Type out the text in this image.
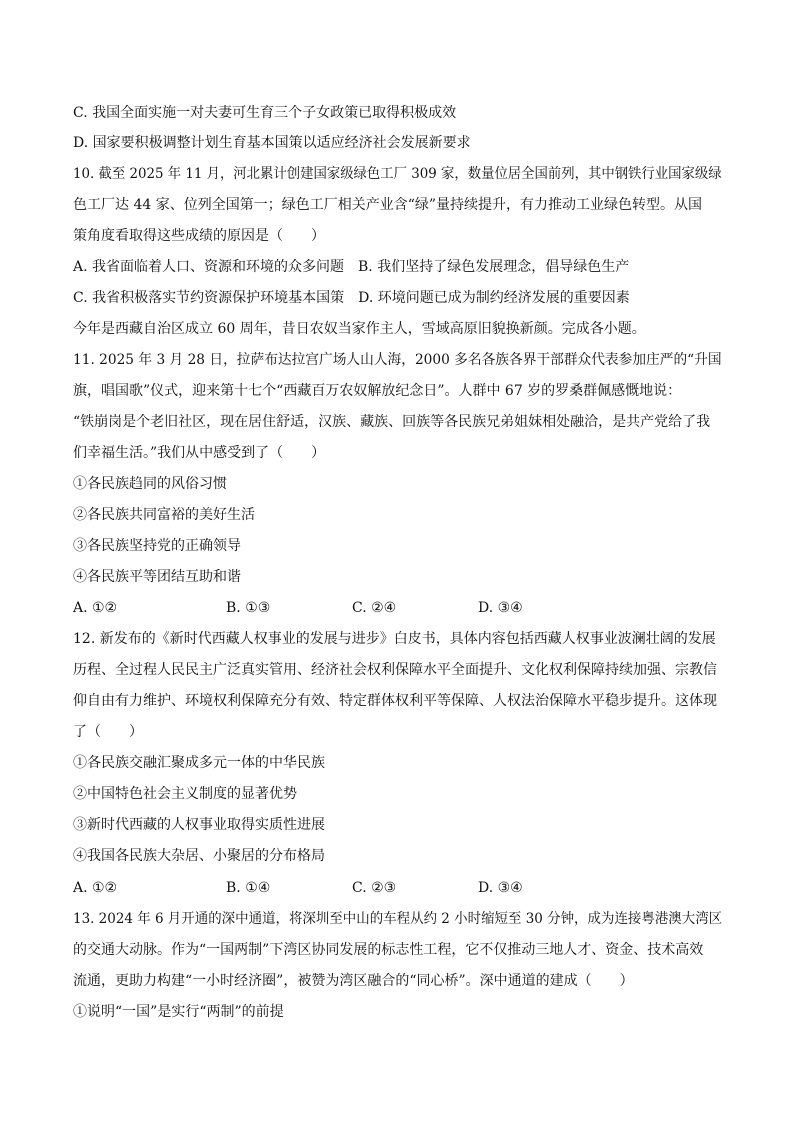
C. 我国全面实施一对夫妻可生育三个子女政策已取得积极成效
D. 国家要积极调整计划生育基本国策以适应经济社会发展新要求
10. 截至 2025 年 11 月，河北累计创建国家级绿色工厂 309 家，数量位居全国前列，其中钢铁行业国家级绿
色工厂达 44 家、位列全国第一；绿色工厂相关产业含“绿”量持续提升，有力推动工业绿色转型。从国
策角度看取得这些成绩的原因是（　　）
A. 我省面临着人口、资源和环境的众多问题　B. 我们坚持了绿色发展理念，倡导绿色生产
C. 我省积极落实节约资源保护环境基本国策　D. 环境问题已成为制约经济发展的重要因素
今年是西藏自治区成立 60 周年，昔日农奴当家作主人，雪域高原旧貌换新颜。完成各小题。
11. 2025 年 3 月 28 日，拉萨布达拉宫广场人山人海，2000 多名各族各界干部群众代表参加庄严的“升国
旗，唱国歌”仪式，迎来第十七个“西藏百万农奴解放纪念日”。人群中 67 岁的罗桑群佩感慨地说：
“铁崩岗是个老旧社区，现在居住舒适，汉族、藏族、回族等各民族兄弟姐妹相处融洽，是共产党给了我
们幸福生活。”我们从中感受到了（　　）
①各民族趋同的风俗习惯
②各民族共同富裕的美好生活
③各民族坚持党的正确领导
④各民族平等团结互助和谐
A. ①②	B. ①③	C. ②④	D. ③④
12. 新发布的《新时代西藏人权事业的发展与进步》白皮书，具体内容包括西藏人权事业波澜壮阔的发展
历程、全过程人民民主广泛真实管用、经济社会权利保障水平全面提升、文化权利保障持续加强、宗教信
仰自由有力维护、环境权利保障充分有效、特定群体权利平等保障、人权法治保障水平稳步提升。这体现
了（　　）
①各民族交融汇聚成多元一体的中华民族
②中国特色社会主义制度的显著优势
③新时代西藏的人权事业取得实质性进展
④我国各民族大杂居、小聚居的分布格局
A. ①②	B. ①④	C. ②③	D. ③④
13. 2024 年 6 月开通的深中通道，将深圳至中山的车程从约 2 小时缩短至 30 分钟，成为连接粤港澳大湾区
的交通大动脉。作为“一国两制”下湾区协同发展的标志性工程，它不仅推动三地人才、资金、技术高效
流通，更助力构建“一小时经济圈”，被赞为湾区融合的“同心桥”。深中通道的建成（　　）
①说明“一国”是实行“两制”的前提
